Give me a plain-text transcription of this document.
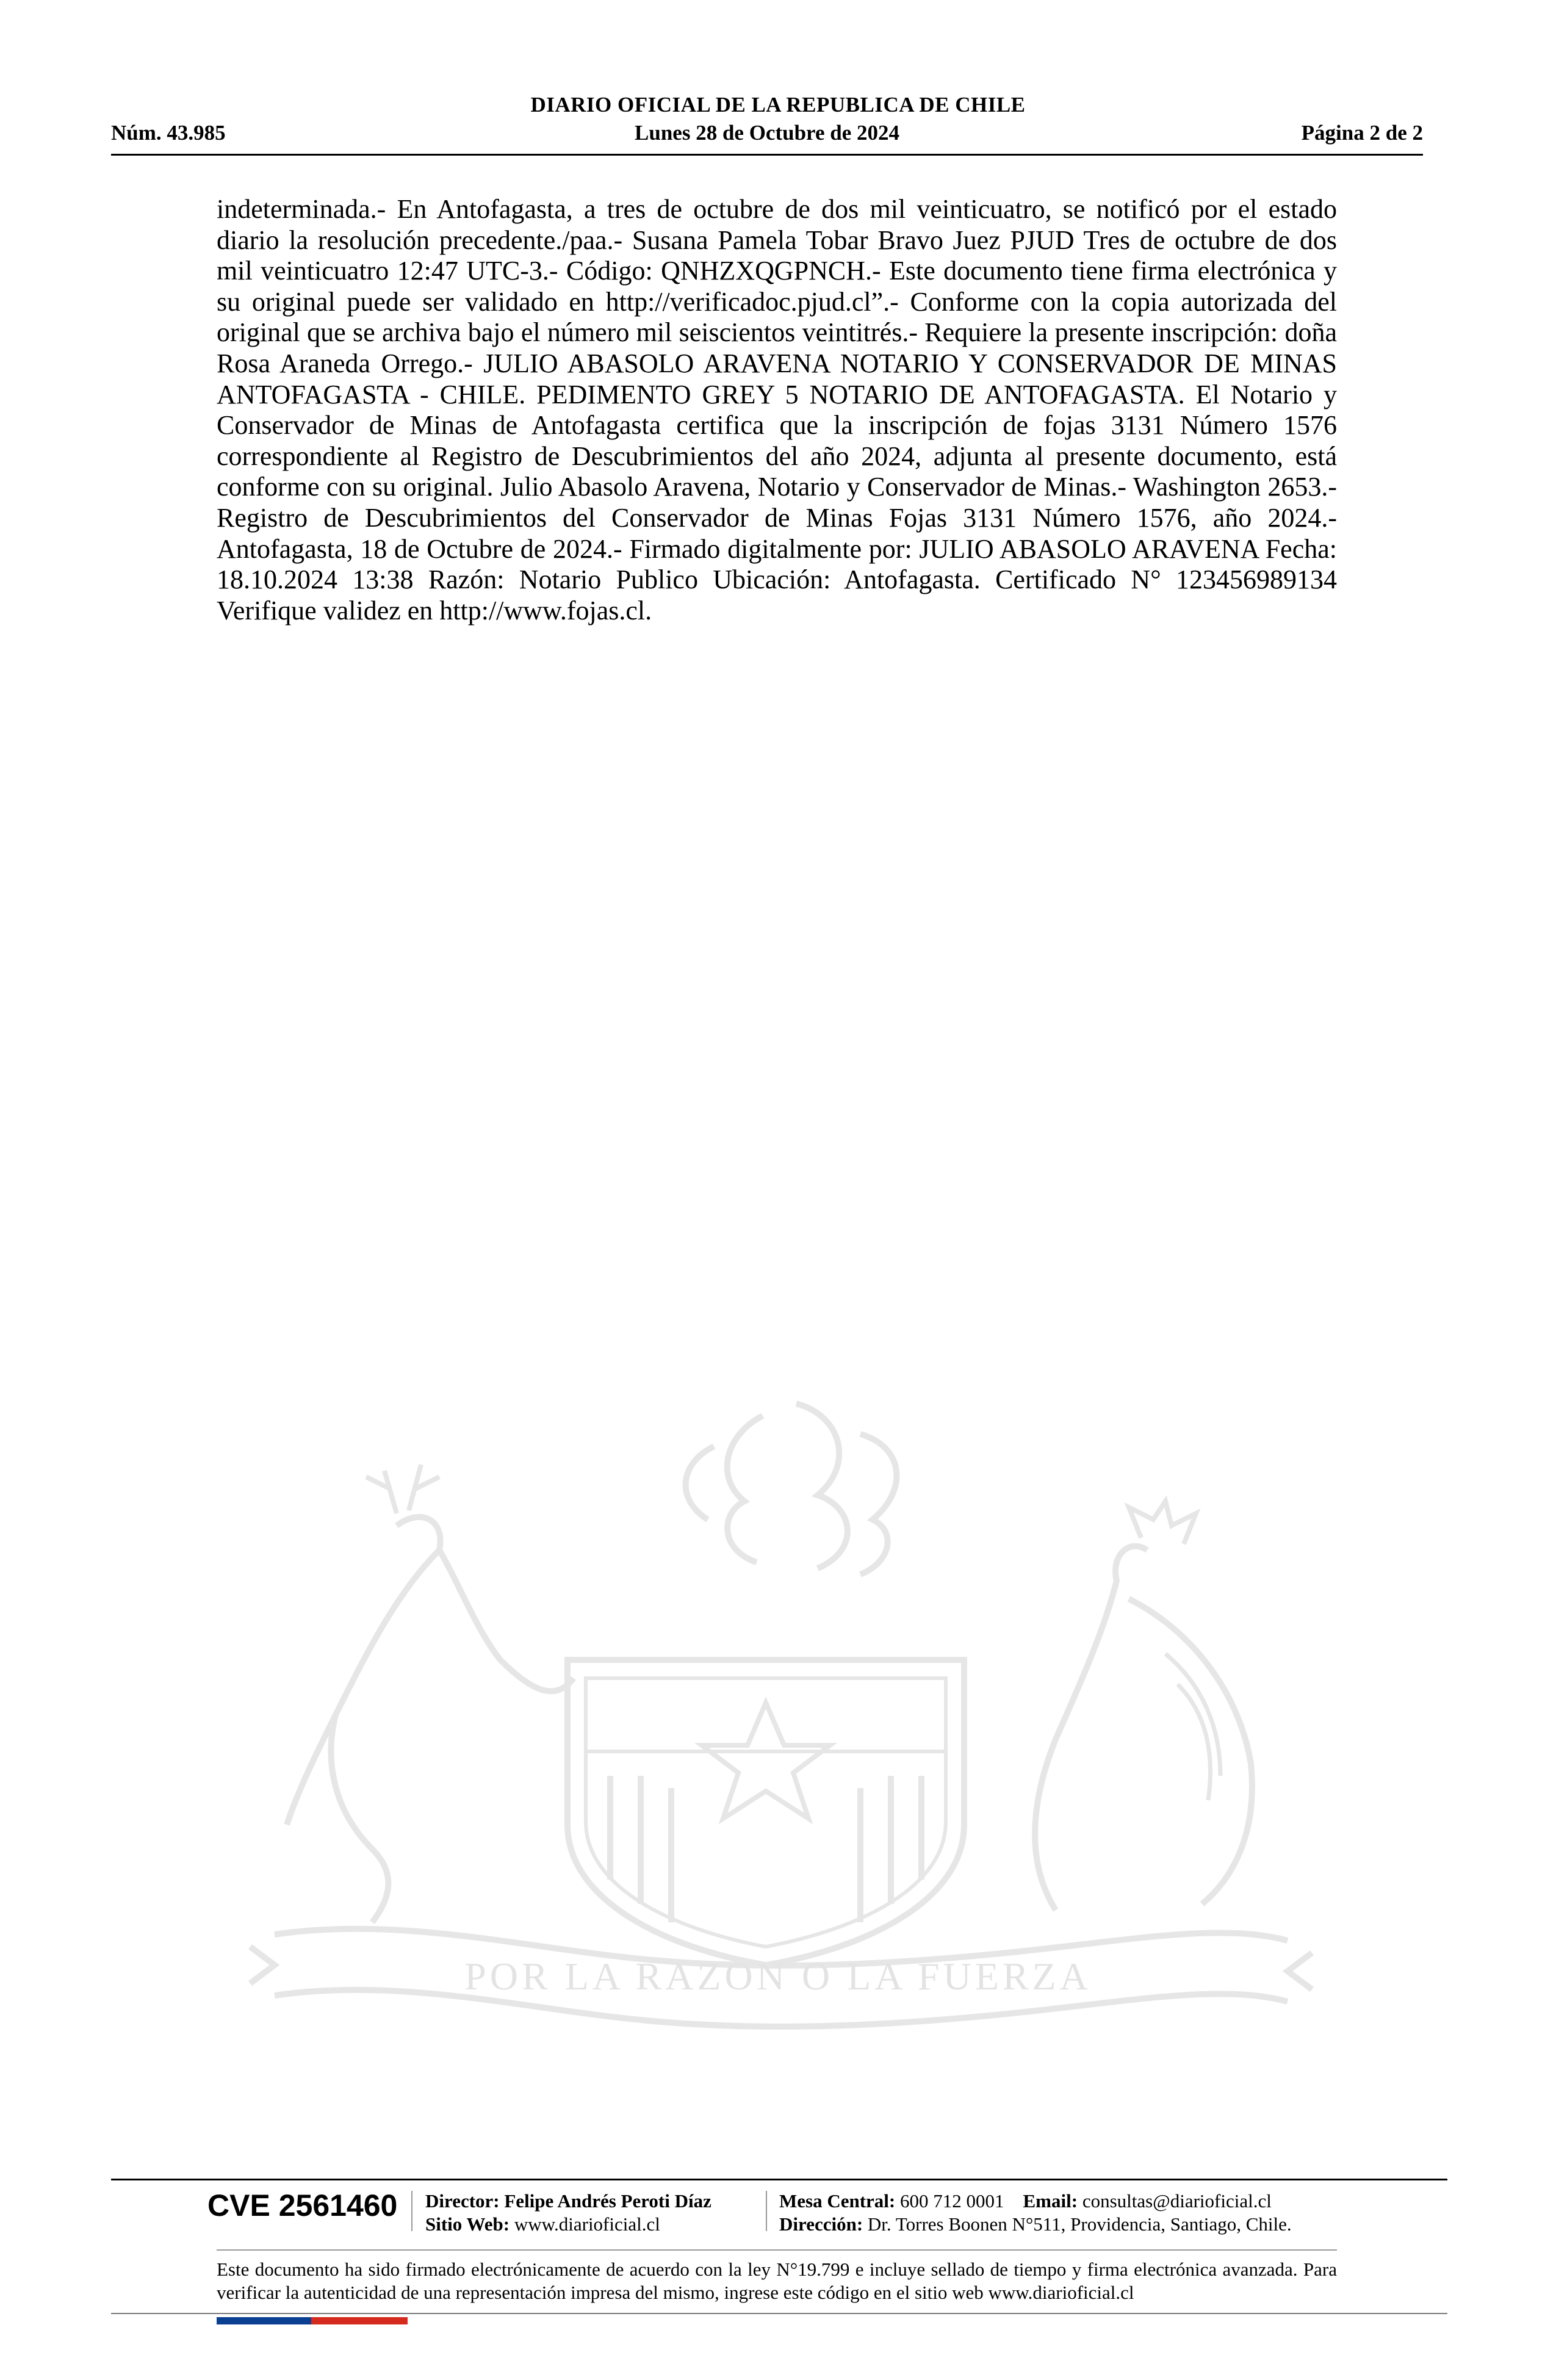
DIARIO OFICIAL DE LA REPUBLICA DE CHILE
Núm. 43.985	Lunes 28 de Octubre de 2024	Página 2 de 2

indeterminada.- En Antofagasta, a tres de octubre de dos mil veinticuatro, se notificó por el estado diario la resolución precedente./paa.- Susana Pamela Tobar Bravo Juez PJUD Tres de octubre de dos mil veinticuatro 12:47 UTC-3.- Código: QNHZXQGPNCH.- Este documento tiene firma electrónica y su original puede ser validado en http://verificadoc.pjud.cl”.- Conforme con la copia autorizada del original que se archiva bajo el número mil seiscientos veintitrés.- Requiere la presente inscripción: doña Rosa Araneda Orrego.- JULIO ABASOLO ARAVENA NOTARIO Y CONSERVADOR DE MINAS ANTOFAGASTA - CHILE. PEDIMENTO GREY 5 NOTARIO DE ANTOFAGASTA. El Notario y Conservador de Minas de Antofagasta certifica que la inscripción de fojas 3131 Número 1576 correspondiente al Registro de Descubrimientos del año 2024, adjunta al presente documento, está conforme con su original. Julio Abasolo Aravena, Notario y Conservador de Minas.- Washington 2653.- Registro de Descubrimientos del Conservador de Minas Fojas 3131 Número 1576, año 2024.- Antofagasta, 18 de Octubre de 2024.- Firmado digitalmente por: JULIO ABASOLO ARAVENA Fecha: 18.10.2024 13:38 Razón: Notario Publico Ubicación: Antofagasta. Certificado N° 123456989134 Verifique validez en http://www.fojas.cl.

POR LA RAZON O LA FUERZA
CVE 2561460 Director: Felipe Andrés Peroti Díaz
Sitio Web: www.diarioficial.cl
Mesa Central: 600 712 0001 Email: consultas@diarioficial.cl
Dirección: Dr. Torres Boonen N°511, Providencia, Santiago, Chile.

Este documento ha sido firmado electrónicamente de acuerdo con la ley N°19.799 e incluye sellado de tiempo y firma electrónica avanzada. Para verificar la autenticidad de una representación impresa del mismo, ingrese este código en el sitio web www.diarioficial.cl
